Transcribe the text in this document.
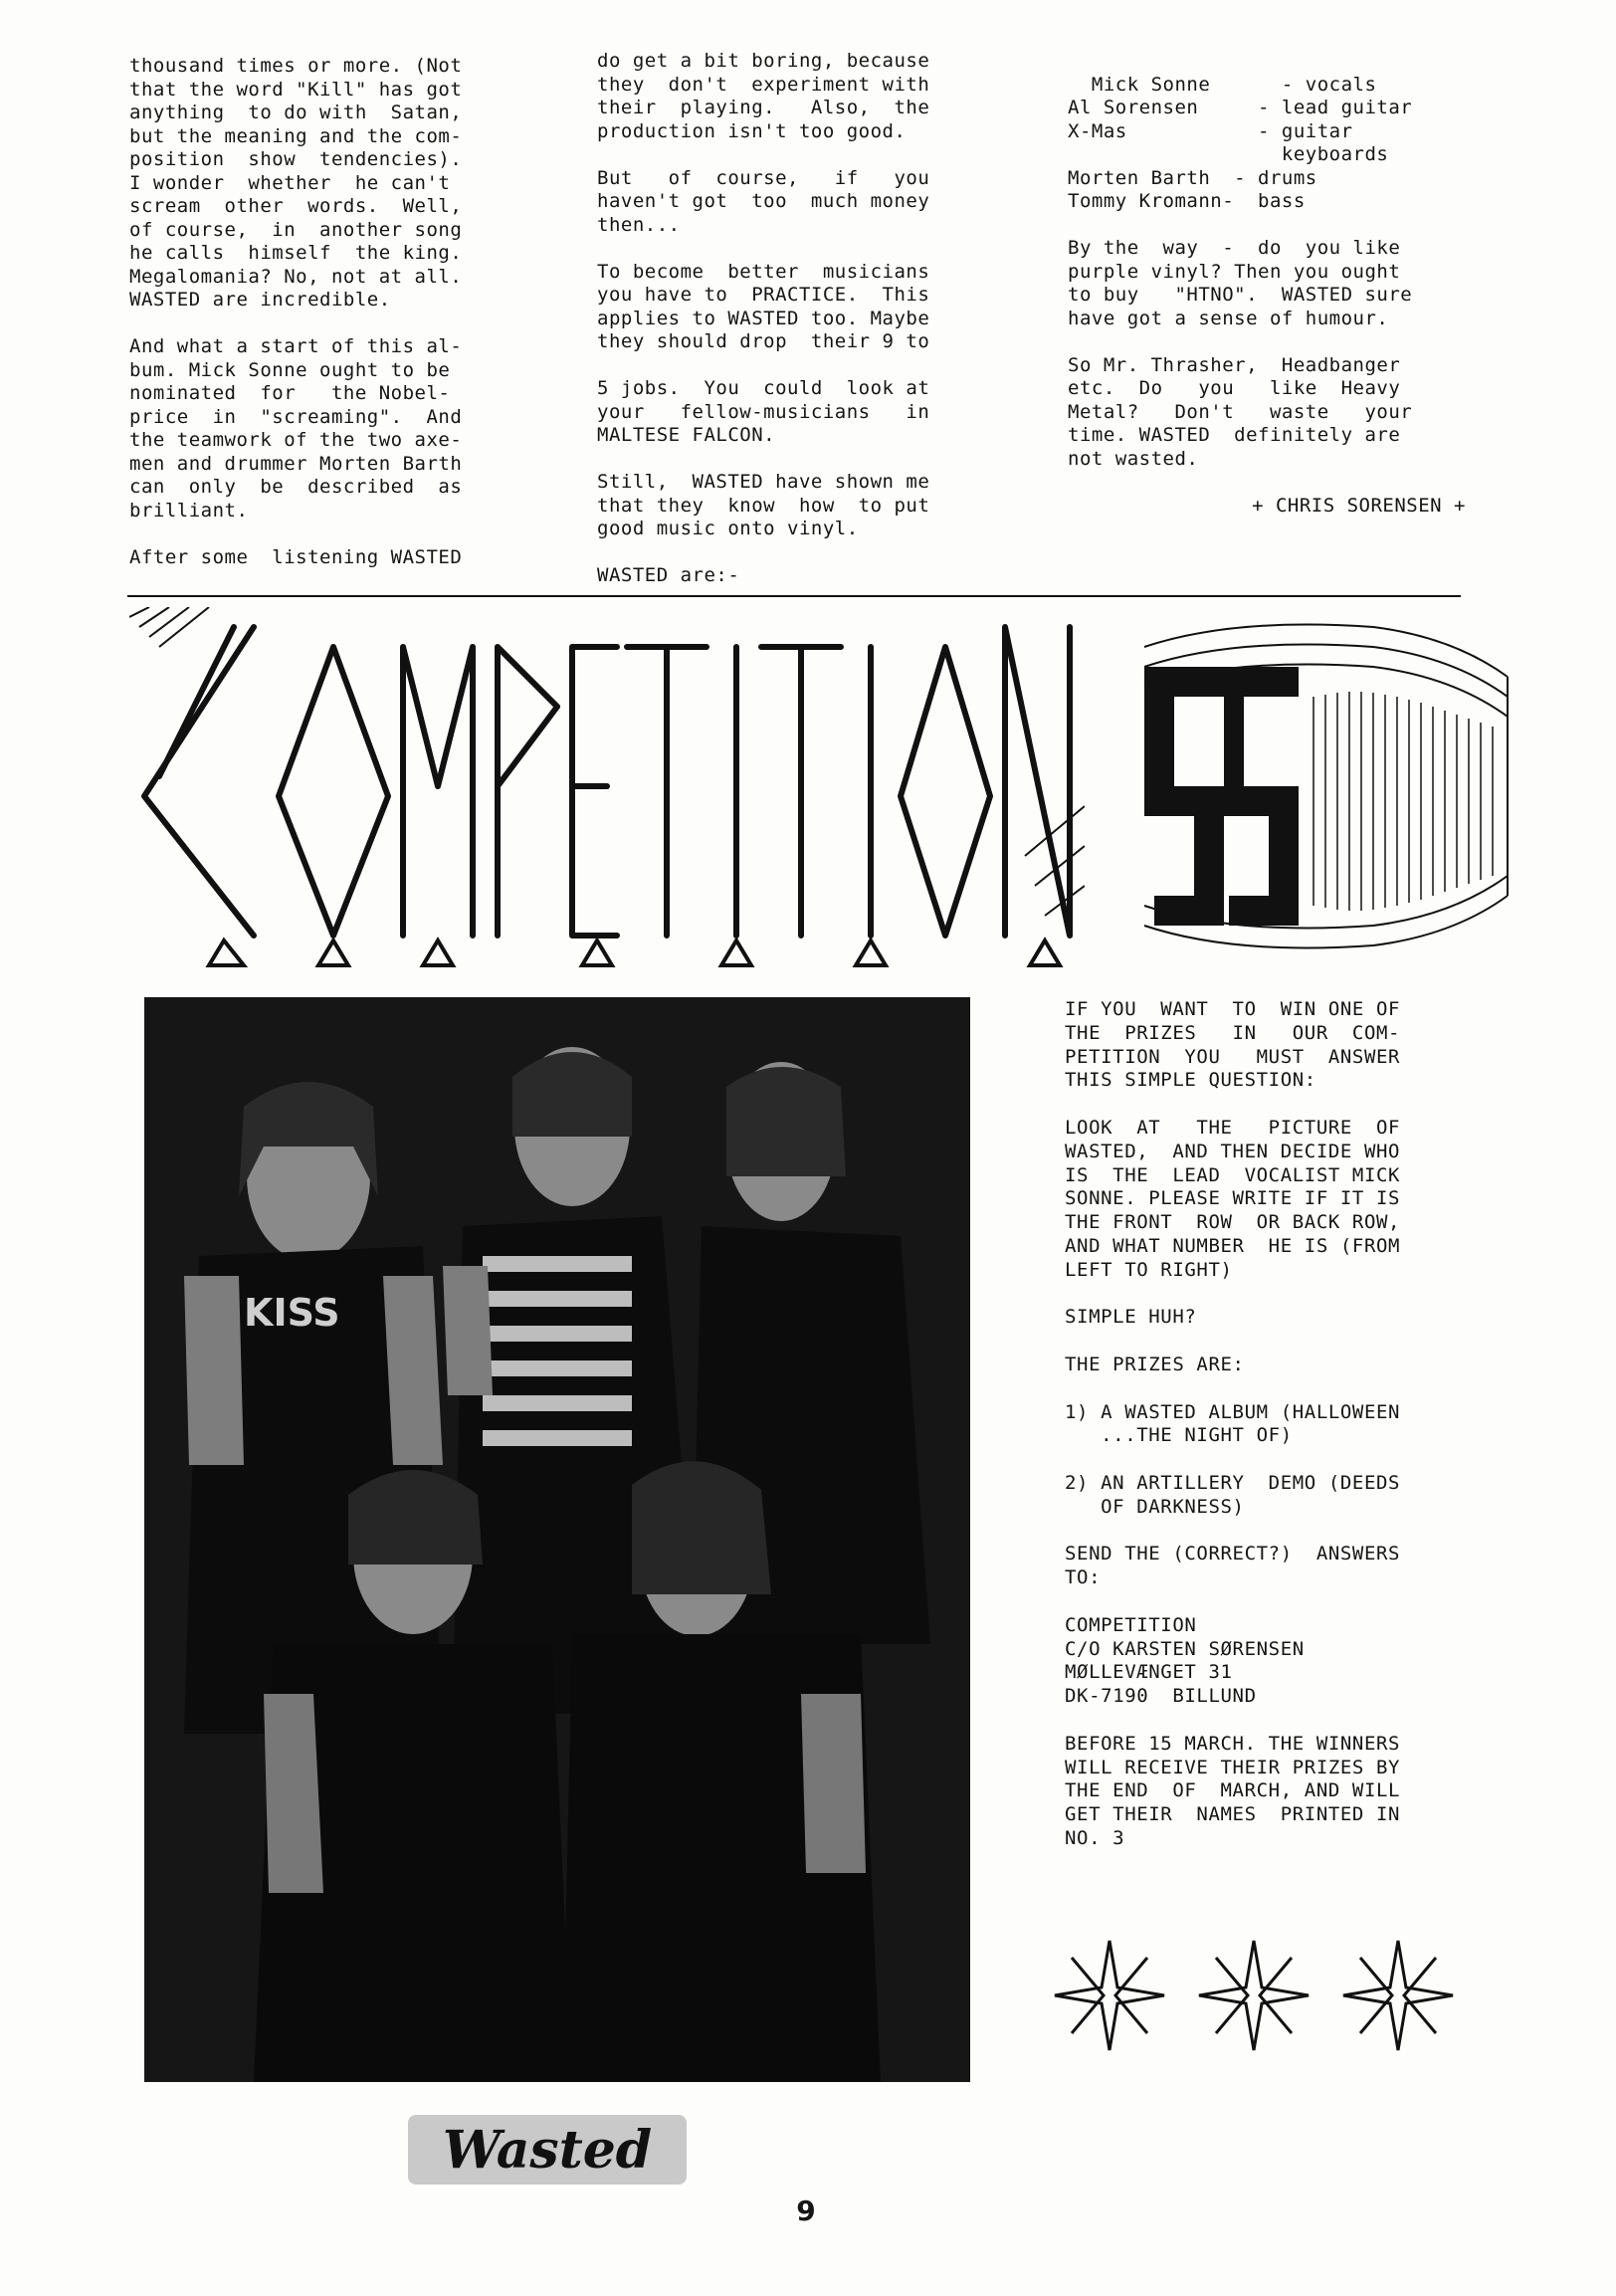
thousand times or more. (Not
that the word "Kill" has got
anything  to do with  Satan,
but the meaning and the com-
position  show  tendencies).
I wonder  whether  he can't
scream  other  words.  Well,
of course,  in  another song
he calls  himself  the king.
Megalomania? No, not at all.
WASTED are incredible.

And what a start of this al-
bum. Mick Sonne ought to be
nominated  for   the Nobel-
price  in  "screaming".  And
the teamwork of the two axe-
men and drummer Morten Barth
can  only  be  described  as
brilliant.

After some  listening WASTED
do get a bit boring, because
they  don't  experiment with
their  playing.   Also,  the
production isn't too good.

But   of  course,   if   you
haven't got  too  much money
then...

To become  better  musicians
you have to  PRACTICE.  This
applies to WASTED too. Maybe
they should drop  their 9 to

5 jobs.  You  could  look at
your   fellow-musicians   in
MALTESE FALCON.

Still,  WASTED have shown me
that they  know  how  to put
good music onto vinyl.

WASTED are:-

Mick Sonne      - vocals
Al Sorensen     - lead guitar
X-Mas           - guitar
keyboards
Morten Barth  - drums
Tommy Kromann-  bass

By the  way  -  do  you like
purple vinyl? Then you ought
to buy   "HTNO".  WASTED sure
have got a sense of humour.

So Mr. Thrasher,  Headbanger
etc.  Do   you   like  Heavy
Metal?   Don't   waste   your
time. WASTED  definitely are
not wasted.

+ CHRIS SORENSEN +

KISS
Wasted
IF YOU  WANT  TO  WIN ONE OF
THE  PRIZES   IN   OUR  COM-
PETITION  YOU   MUST  ANSWER
THIS SIMPLE QUESTION:

LOOK  AT   THE   PICTURE  OF
WASTED,  AND THEN DECIDE WHO
IS  THE  LEAD  VOCALIST MICK
SONNE. PLEASE WRITE IF IT IS
THE FRONT  ROW  OR BACK ROW,
AND WHAT NUMBER  HE IS (FROM
LEFT TO RIGHT)

SIMPLE HUH?

THE PRIZES ARE:

1) A WASTED ALBUM (HALLOWEEN
...THE NIGHT OF)

2) AN ARTILLERY  DEMO (DEEDS
OF DARKNESS)

SEND THE (CORRECT?)  ANSWERS
TO:

COMPETITION
C/O KARSTEN SØRENSEN
MØLLEVÆNGET 31
DK-7190  BILLUND

BEFORE 15 MARCH. THE WINNERS
WILL RECEIVE THEIR PRIZES BY
THE END  OF  MARCH, AND WILL
GET THEIR  NAMES  PRINTED IN
NO. 3
9
